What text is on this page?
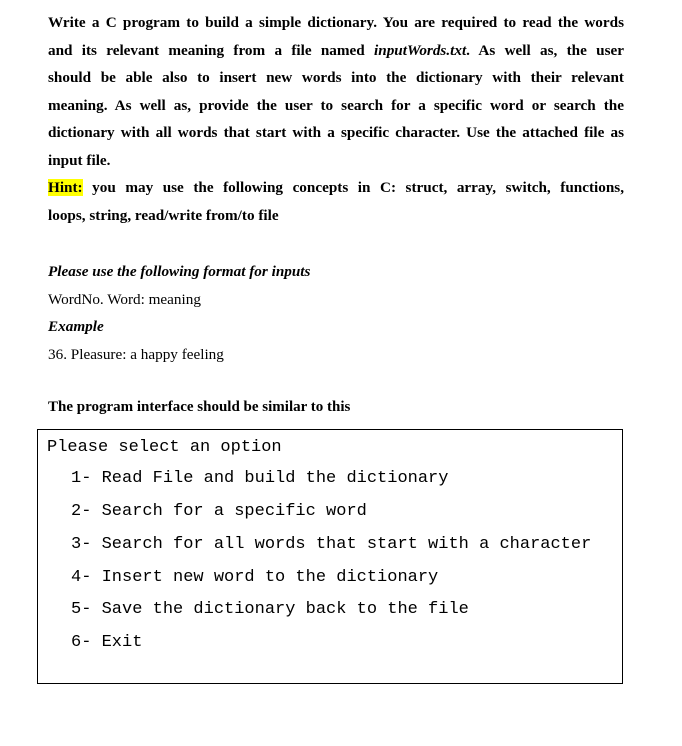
Write a C program to build a simple dictionary. You are required to read the words
and its relevant meaning from a file named inputWords.txt. As well as, the user
should be able also to insert new words into the dictionary with their relevant
meaning. As well as, provide the user to search for a specific word or search the
dictionary with all words that start with a specific character. Use the attached file as
input file.
Hint: you may use the following concepts in C: struct, array, switch, functions,
loops, string, read/write from/to file
Please use the following format for inputs
WordNo. Word: meaning
Example
36. Pleasure: a happy feeling
The program interface should be similar to this
Please select an option
1- Read File and build the dictionary
2- Search for a specific word
3- Search for all words that start with a character
4- Insert new word to the dictionary
5- Save the dictionary back to the file
6- Exit
